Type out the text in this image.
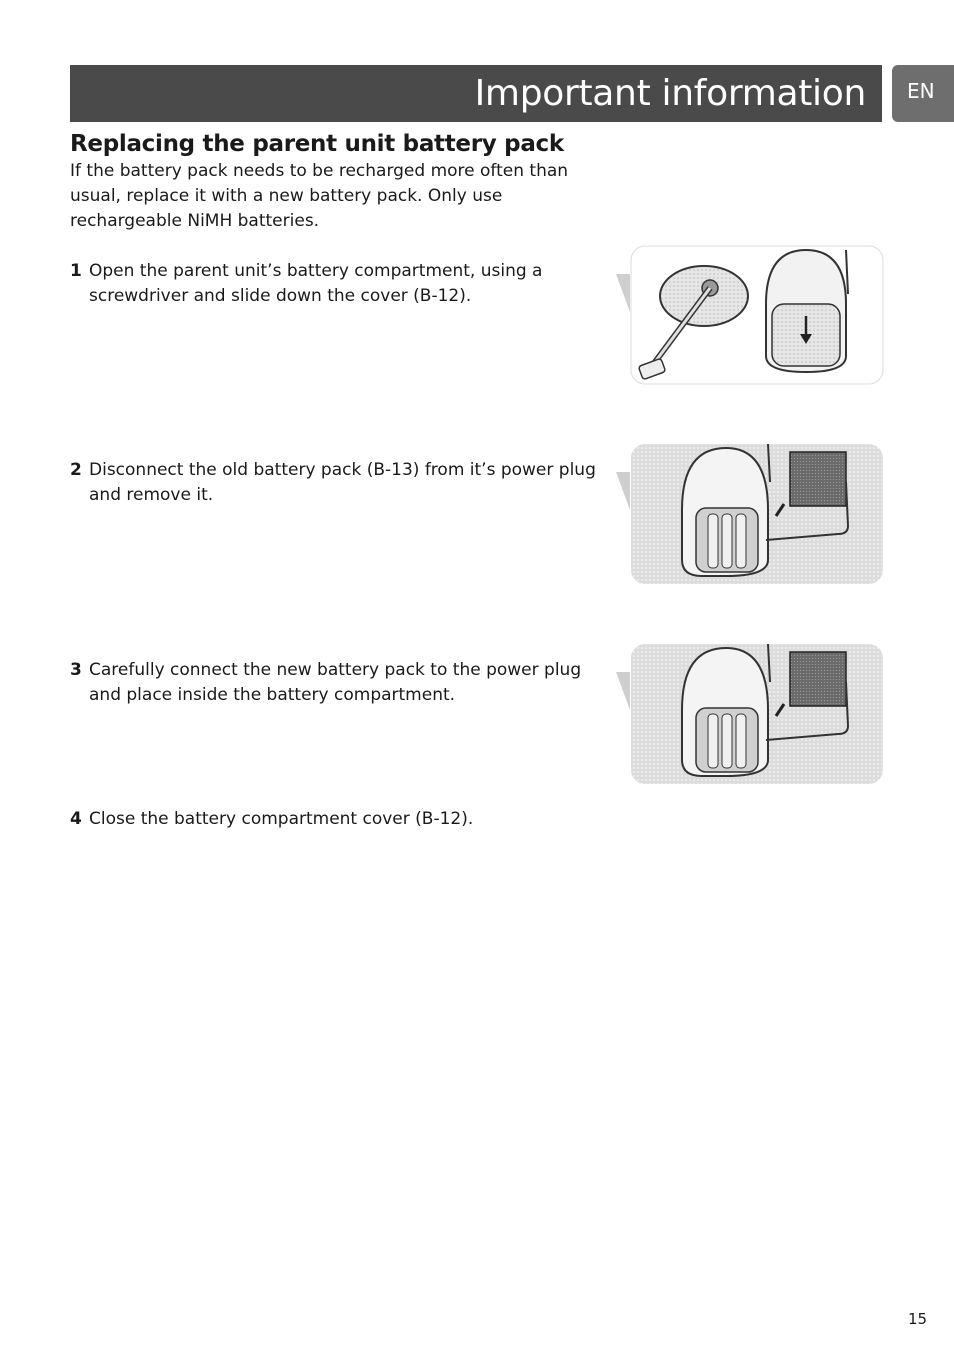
Important information EN
Replacing the parent unit battery pack

If the battery pack needs to be recharged more often than usual, replace it with a new battery pack. Only use rechargeable NiMH batteries.

1 Open the parent unit’s battery compartment, using a screwdriver and slide down the cover (B-12).
2 Disconnect the old battery pack (B-13) from it’s power plug and remove it.
3 Carefully connect the new battery pack to the power plug and place inside the battery compartment.
4 Close the battery compartment cover (B-12).
15
